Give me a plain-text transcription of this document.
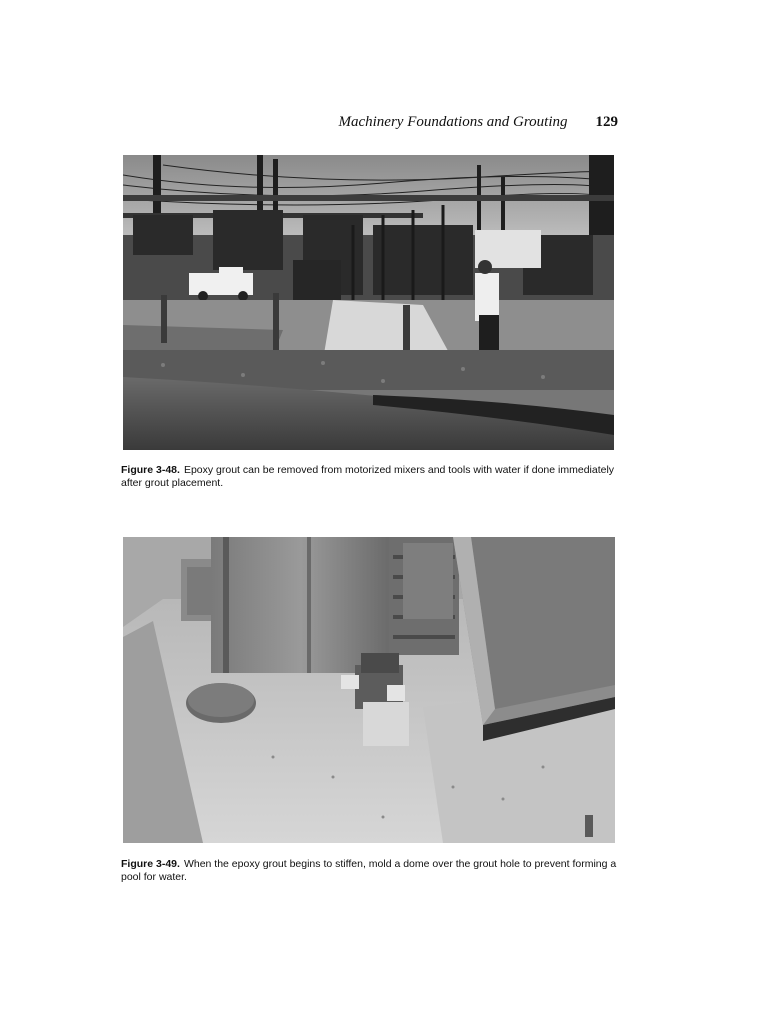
Machinery Foundations and Grouting 129
Figure 3-48. Epoxy grout can be removed from motorized mixers and tools with water if done immediately after grout placement.
Figure 3-49. When the epoxy grout begins to stiffen, mold a dome over the grout hole to prevent forming a pool for water.
